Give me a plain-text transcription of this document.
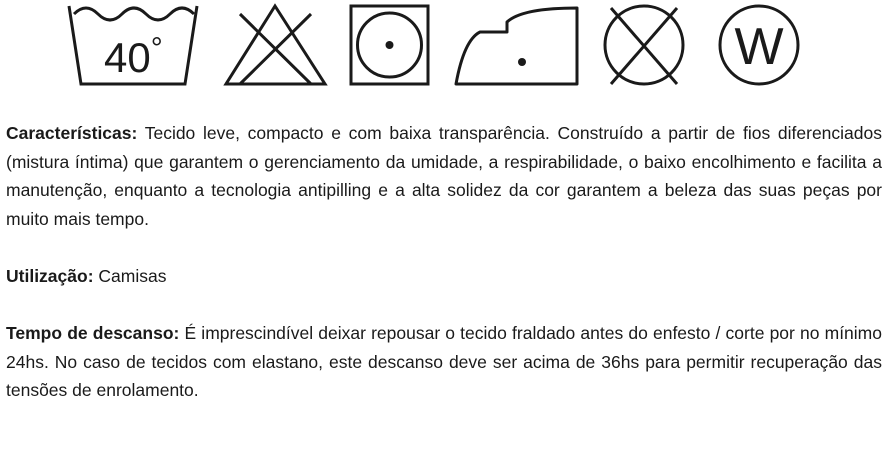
40°	W

Características: Tecido leve, compacto e com baixa transparência. Construído a partir de fios diferenciados (mistura íntima) que garantem o gerenciamento da umidade, a respirabilidade, o baixo encolhimento e facilita a manutenção, enquanto a tecnologia antipilling e a alta solidez da cor garantem a beleza das suas peças por muito mais tempo.

Utilização: Camisas

Tempo de descanso: É imprescindível deixar repousar o tecido fraldado antes do enfesto / corte por no mínimo 24hs. No caso de tecidos com elastano, este descanso deve ser acima de 36hs para permitir recuperação das tensões de enrolamento.
